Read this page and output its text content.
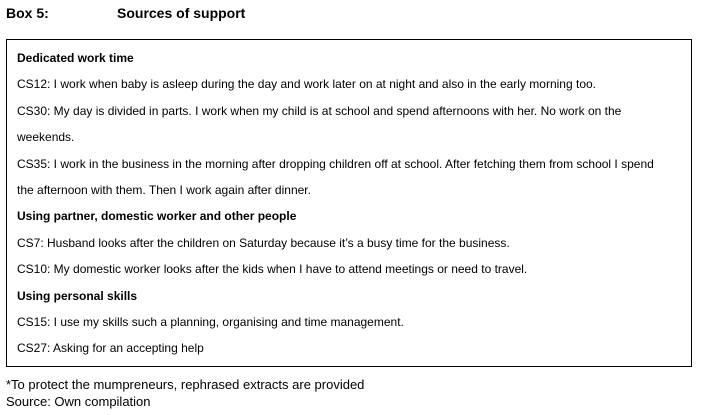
Box 5:	Sources of support
Dedicated work time
CS12: I work when baby is asleep during the day and work later on at night and also in the early morning too.
CS30: My day is divided in parts. I work when my child is at school and spend afternoons with her. No work on the
weekends.
CS35: I work in the business in the morning after dropping children off at school. After fetching them from school I spend
the afternoon with them. Then I work again after dinner.
Using partner, domestic worker and other people
CS7: Husband looks after the children on Saturday because it’s a busy time for the business.
CS10: My domestic worker looks after the kids when I have to attend meetings or need to travel.
Using personal skills
CS15: I use my skills such a planning, organising and time management.
CS27: Asking for an accepting help
*To protect the mumpreneurs, rephrased extracts are provided
Source: Own compilation
